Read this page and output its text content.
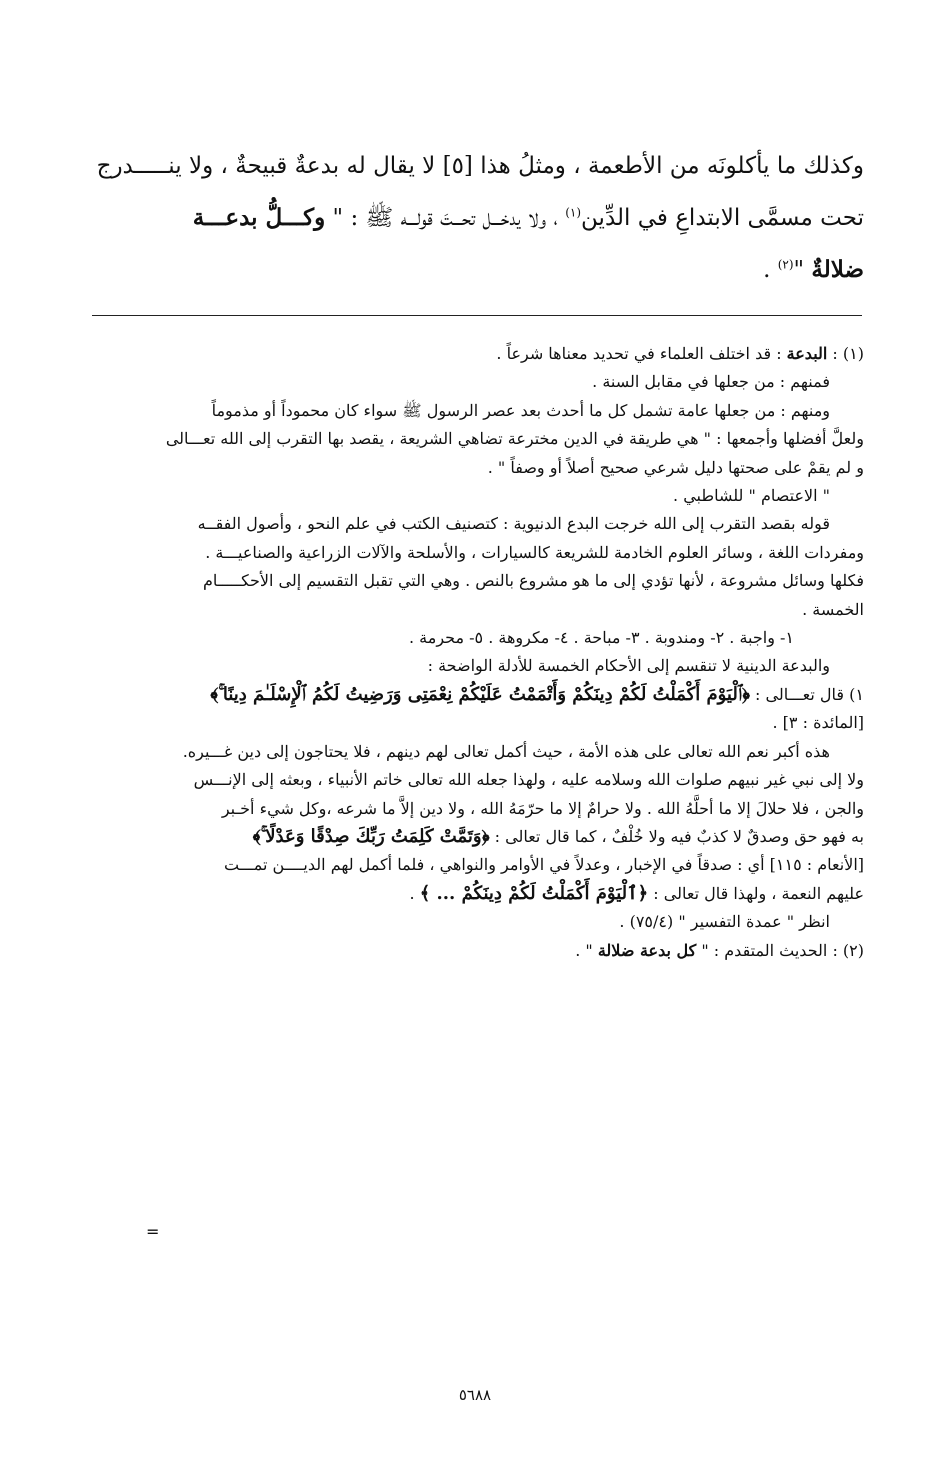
وكذلك ما يأكلونَه من الأطعمة ، ومثلُ هذا [٥] لا يقال له بدعةٌ قبيحةٌ ، ولا ينـــــدرج

تحت مسمَّى الابتداعِ في الدِّين$^{(١)}$ ، ولا يدخـــل تحـــتَ قولـــه ﷺ : " وكـــلُّ بدعـــة

ضلالةٌ "$^{(٢)}$ .

(١) : البدعة : قد اختلف العلماء في تحديد معناها شرعاً .

فمنهم : من جعلها في مقابل السنة .

ومنهم : من جعلها عامة تشمل كل ما أحدث بعد عصر الرسول ﷺ سواء كان محموداً أو مذموماً

ولعلَّ أفضلها وأجمعها : " هي طريقة في الدين مخترعة تضاهي الشريعة ، يقصد بها التقرب إلى الله تعـــالى

و لم يقمْ على صحتها دليل شرعي صحيح أصلاً أو وصفاً " .

" الاعتصام " للشاطبي .

قوله بقصد التقرب إلى الله خرجت البدع الدنيوية : كتصنيف الكتب في علم النحو ، وأصول الفقــه

ومفردات اللغة ، وسائر العلوم الخادمة للشريعة كالسيارات ، والأسلحة والآلات الزراعية والصناعيـــة .

فكلها وسائل مشروعة ، لأنها تؤدي إلى ما هو مشروع بالنص . وهي التي تقبل التقسيم إلى الأحكـــــام

الخمسة .

١- واجبة . ٢- ومندوبة . ٣- مباحة . ٤- مكروهة . ٥- محرمة .

والبدعة الدينية لا تنقسم إلى الأحكام الخمسة للأدلة الواضحة :

١) قال تعـــالى : ﴿ٱلْيَوْمَ أَكْمَلْتُ لَكُمْ دِينَكُمْ وَأَتْمَمْتُ عَلَيْكُمْ نِعْمَتِى وَرَضِيتُ لَكُمُ ٱلْإِسْلَـٰمَ دِينًا ۚ﴾

[المائدة : ٣] .

هذه أكبر نعم الله تعالى على هذه الأمة ، حيث أكمل تعالى لهم دينهم ، فلا يحتاجون إلى دين غـــيره.

ولا إلى نبي غير نبيهم صلوات الله وسلامه عليه ، ولهذا جعله الله تعالى خاتم الأنبياء ، وبعثه إلى الإنـــس

والجن ، فلا حلالَ إلا ما أحلَّهُ الله . ولا حرامٌ إلا ما حرّمَهُ الله ، ولا دين إلاَّ ما شرعه ،وكل شيء أخـبر

به فهو حق وصدقٌ لا كذبٌ فيه ولا خُلْفٌ ، كما قال تعالى : ﴿وَتَمَّتْ كَلِمَتُ رَبِّكَ صِدْقًا وَعَدْلًا ۚ﴾

[الأنعام : ١١٥] أي : صدقاً في الإخبار ، وعدلاً في الأوامر والنواهي ، فلما أكمل لهم الديــــن تمـــت

عليهم النعمة ، ولهذا قال تعالى : ﴿ٱلْيَوْمَ أَكْمَلْتُ لَكُمْ دِينَكُمْ ... ﴾ .

انظر " عمدة التفسير " (٧٥/٤) .

(٢) : الحديث المتقدم : " كل بدعة ضلالة " .

=
٥٦٨٨
